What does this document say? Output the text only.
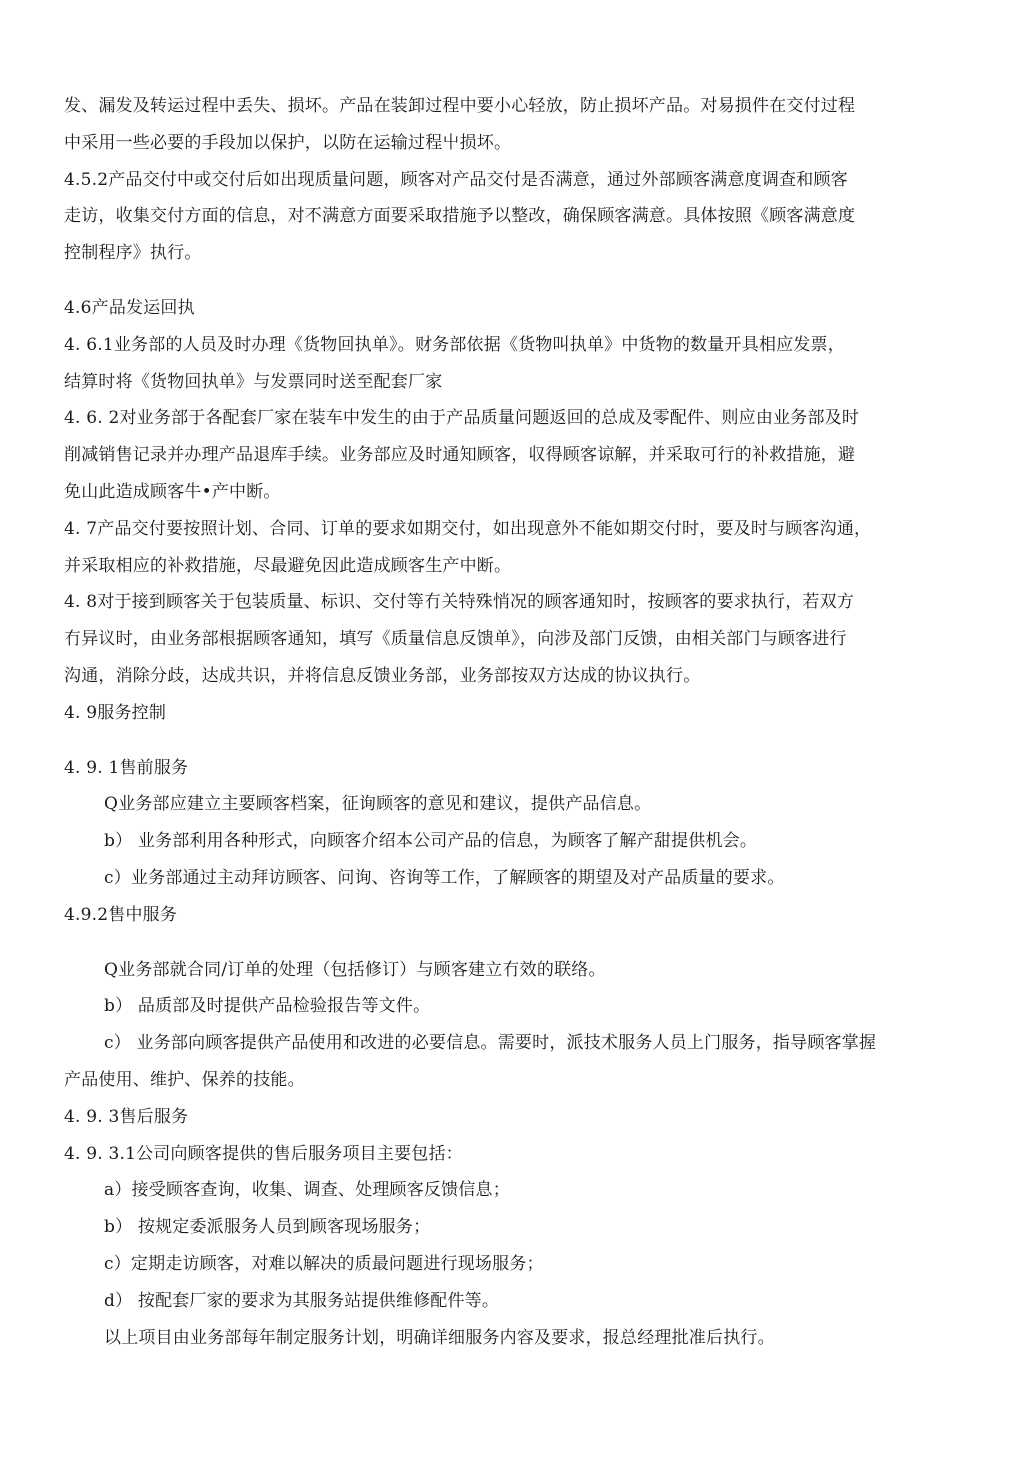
发、漏发及转运过程中丢失、损坏。产品在装卸过程中要小心轻放，防止损坏产品。对易损件在交付过程
中采用一些必要的手段加以保护，以防在运输过程屮损坏。
4.5.2产品交付中或交付后如出现质量问题，顾客对产品交付是否满意，通过外部顾客满意度调查和顾客
走访，收集交付方面的信息，对不满意方面要采取措施予以整改，确保顾客满意。具体按照《顾客满意度
控制程序》执行。
4.6产品发运回执
4. 6.1业务部的人员及时办理《货物回执单》。财务部依据《货物叫执单》中货物的数量开具相应发票，
结算时将《货物回执单》与发票同时送至配套厂家
4. 6. 2对业务部于各配套厂家在装车中发生的由于产品质量问题返回的总成及零配件、则应由业务部及时
削减销售记录并办理产品退库手续。业务部应及时通知顾客，収得顾客谅解，并采取可行的补救措施，避
免山此造成顾客牛•产中断。
4. 7产品交付要按照计划、合同、订单的要求如期交付，如出现意外不能如期交付时，要及时与顾客沟通，
并采取相应的补救措施，尽最避免因此造成顾客生产中断。
4. 8对于接到顾客关于包装质量、标识、交付等冇关特殊悄况的顾客通知时，按顾客的要求执行，若双方
冇异议时，由业务部根据顾客通知，填写《质量信息反馈单》，向涉及部门反馈，由相关部门与顾客进行
沟通，消除分歧，达成共识，并将信息反馈业务部，业务部按双方达成的协议执行。
4. 9服务控制
4. 9. 1售前服务
Q业务部应建立主要顾客档案，征询顾客的意见和建议，提供产品信息。
b） 业务部利用各种形式，向顾客介绍本公司产品的信息，为顾客了解产甜提供机会。
c）业务部通过主动拜访顾客、问询、咨询等工作，了解顾客的期望及对产品质量的要求。
4.9.2售中服务
Q业务部就合同/订单的处理（包括修订）与顾客建立冇效的联络。
b） 品质部及时提供产品检验报告等文件。
c） 业务部向顾客提供产品使用和改进的必要信息。需要时，派技术服务人员上门服务，指导顾客掌握
产品使用、维护、保养的技能。
4. 9. 3售后服务
4. 9. 3.1公司向顾客提供的售后服务项目主要包括：
a）接受顾客查询，收集、调查、处理顾客反馈信息；
b） 按规定委派服务人员到顾客现场服务；
c）定期走访顾客，对难以解决的质最问题进行现场服务；
d） 按配套厂家的要求为其服务站提供维修配件等。
以上项目由业务部每年制定服务计划，明确详细服务内容及要求，报总经理批准后执行。
